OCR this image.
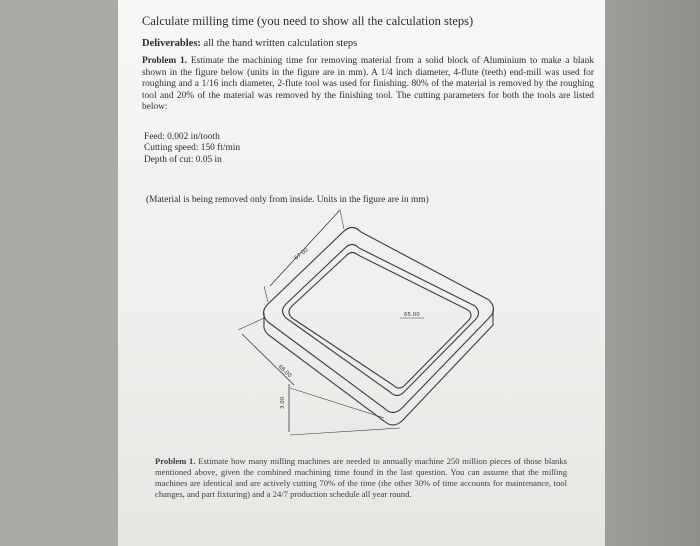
Calculate milling time (you need to show all the calculation steps)

Deliverables: all the hand written calculation steps

Problem 1. Estimate the machining time for removing material from a solid block of Aluminium to make a blank shown in the figure below (units in the figure are in mm). A 1/4 inch diameter, 4-flute (teeth) end-mill was used for roughing and a 1/16 inch diameter, 2-flute tool was used for finishing. 80% of the material is removed by the roughing tool and 20% of the material was removed by the finishing tool. The cutting parameters for both the tools are listed below:

Feed: 0.002 in/tooth
Cutting speed: 150 ft/min
Depth of cut: 0.05 in

(Material is being removed only from inside. Units in the figure are in mm)

67.00
65.00
68.00
3.00

Problem 1. Estimate how many milling machines are needed to annually machine 250 million pieces of those blanks mentioned above, given the combined machining time found in the last question. You can assume that the milling machines are identical and are actively cutting 70% of the time (the other 30% of time accounts for maintenance, tool changes, and part fixturing) and a 24/7 production schedule all year round.
